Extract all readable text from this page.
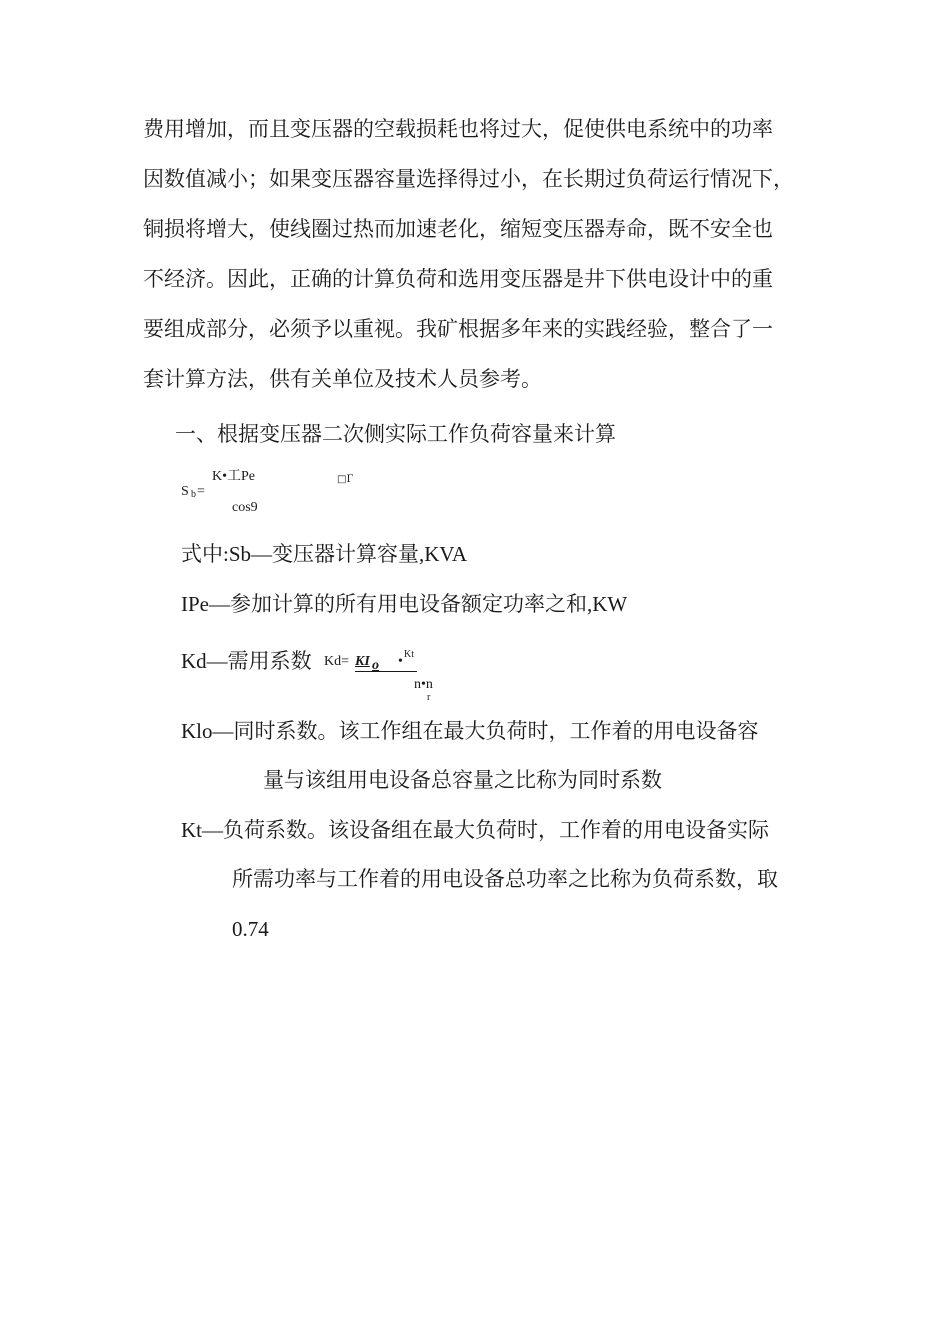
费用增加，而且变压器的空载损耗也将过大，促使供电系统中的功率
因数值减小；如果变压器容量选择得过小，在长期过负荷运行情况下，
铜损将增大，使线圈过热而加速老化，缩短变压器寿命，既不安全也
不经济。因此，正确的计算负荷和选用变压器是井下供电设计中的重
要组成部分，必须予以重视。我矿根据多年来的实践经验，整合了一
套计算方法，供有关单位及技术人员参考。
一、根据变压器二次侧实际工作负荷容量来计算
S b =
K•工Pe
cos9
□Γ
式中:Sb—变压器计算容量,KVA
IPe—参加计算的所有用电设备额定功率之和,KW
Kd—需用系数 Kd= KI o • Kt
n•n
r
Klo—同时系数。该工作组在最大负荷时，工作着的用电设备容
量与该组用电设备总容量之比称为同时系数
Kt—负荷系数。该设备组在最大负荷时，工作着的用电设备实际
所需功率与工作着的用电设备总功率之比称为负荷系数，取
0.74
